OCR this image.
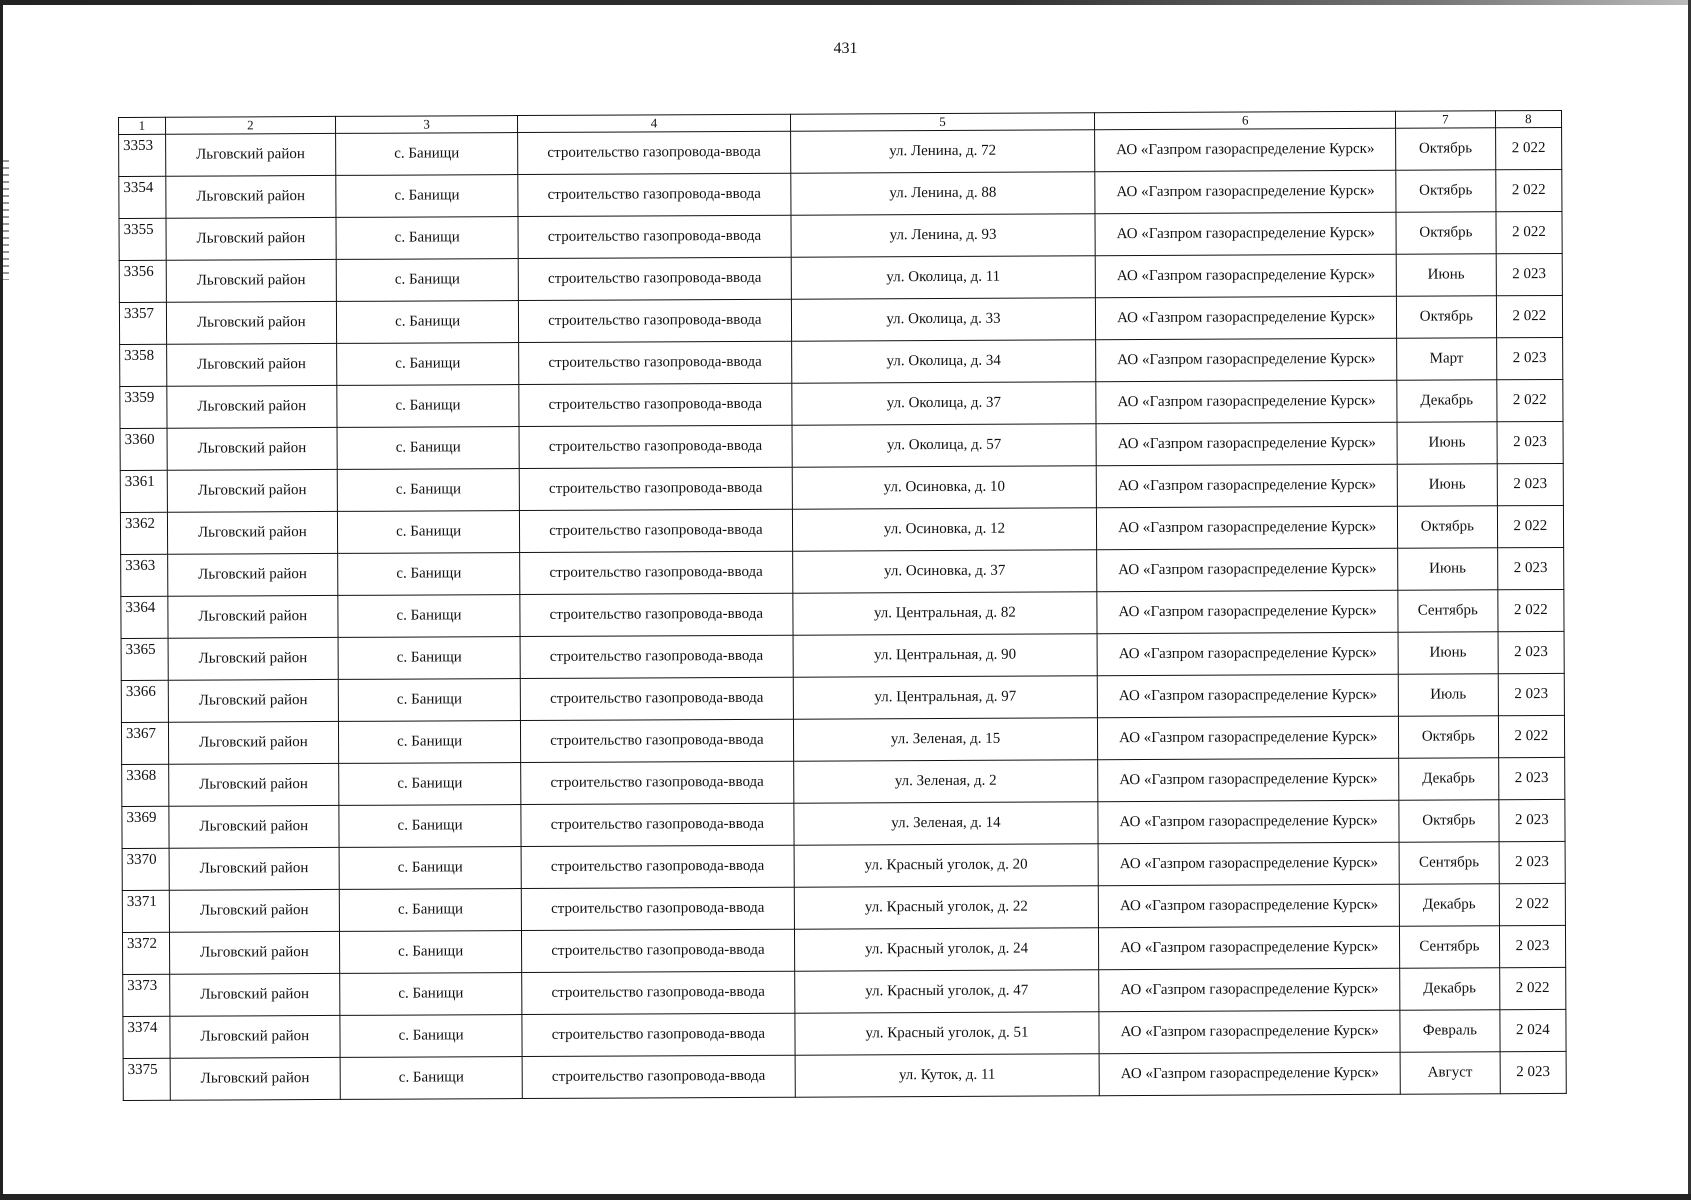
431
1	2	3	4	5	6	7	8
3353	Льговский район	с. Банищи	строительство газопровода-ввода	ул. Ленина, д. 72	АО «Газпром газораспределение Курск»	Октябрь	2 022
3354	Льговский район	с. Банищи	строительство газопровода-ввода	ул. Ленина, д. 88	АО «Газпром газораспределение Курск»	Октябрь	2 022
3355	Льговский район	с. Банищи	строительство газопровода-ввода	ул. Ленина, д. 93	АО «Газпром газораспределение Курск»	Октябрь	2 022
3356	Льговский район	с. Банищи	строительство газопровода-ввода	ул. Околица, д. 11	АО «Газпром газораспределение Курск»	Июнь	2 023
3357	Льговский район	с. Банищи	строительство газопровода-ввода	ул. Околица, д. 33	АО «Газпром газораспределение Курск»	Октябрь	2 022
3358	Льговский район	с. Банищи	строительство газопровода-ввода	ул. Околица, д. 34	АО «Газпром газораспределение Курск»	Март	2 023
3359	Льговский район	с. Банищи	строительство газопровода-ввода	ул. Околица, д. 37	АО «Газпром газораспределение Курск»	Декабрь	2 022
3360	Льговский район	с. Банищи	строительство газопровода-ввода	ул. Околица, д. 57	АО «Газпром газораспределение Курск»	Июнь	2 023
3361	Льговский район	с. Банищи	строительство газопровода-ввода	ул. Осиновка, д. 10	АО «Газпром газораспределение Курск»	Июнь	2 023
3362	Льговский район	с. Банищи	строительство газопровода-ввода	ул. Осиновка, д. 12	АО «Газпром газораспределение Курск»	Октябрь	2 022
3363	Льговский район	с. Банищи	строительство газопровода-ввода	ул. Осиновка, д. 37	АО «Газпром газораспределение Курск»	Июнь	2 023
3364	Льговский район	с. Банищи	строительство газопровода-ввода	ул. Центральная, д. 82	АО «Газпром газораспределение Курск»	Сентябрь	2 022
3365	Льговский район	с. Банищи	строительство газопровода-ввода	ул. Центральная, д. 90	АО «Газпром газораспределение Курск»	Июнь	2 023
3366	Льговский район	с. Банищи	строительство газопровода-ввода	ул. Центральная, д. 97	АО «Газпром газораспределение Курск»	Июль	2 023
3367	Льговский район	с. Банищи	строительство газопровода-ввода	ул. Зеленая, д. 15	АО «Газпром газораспределение Курск»	Октябрь	2 022
3368	Льговский район	с. Банищи	строительство газопровода-ввода	ул. Зеленая, д. 2	АО «Газпром газораспределение Курск»	Декабрь	2 023
3369	Льговский район	с. Банищи	строительство газопровода-ввода	ул. Зеленая, д. 14	АО «Газпром газораспределение Курск»	Октябрь	2 023
3370	Льговский район	с. Банищи	строительство газопровода-ввода	ул. Красный уголок, д. 20	АО «Газпром газораспределение Курск»	Сентябрь	2 023
3371	Льговский район	с. Банищи	строительство газопровода-ввода	ул. Красный уголок, д. 22	АО «Газпром газораспределение Курск»	Декабрь	2 022
3372	Льговский район	с. Банищи	строительство газопровода-ввода	ул. Красный уголок, д. 24	АО «Газпром газораспределение Курск»	Сентябрь	2 023
3373	Льговский район	с. Банищи	строительство газопровода-ввода	ул. Красный уголок, д. 47	АО «Газпром газораспределение Курск»	Декабрь	2 022
3374	Льговский район	с. Банищи	строительство газопровода-ввода	ул. Красный уголок, д. 51	АО «Газпром газораспределение Курск»	Февраль	2 024
3375	Льговский район	с. Банищи	строительство газопровода-ввода	ул. Куток, д. 11	АО «Газпром газораспределение Курск»	Август	2 023
